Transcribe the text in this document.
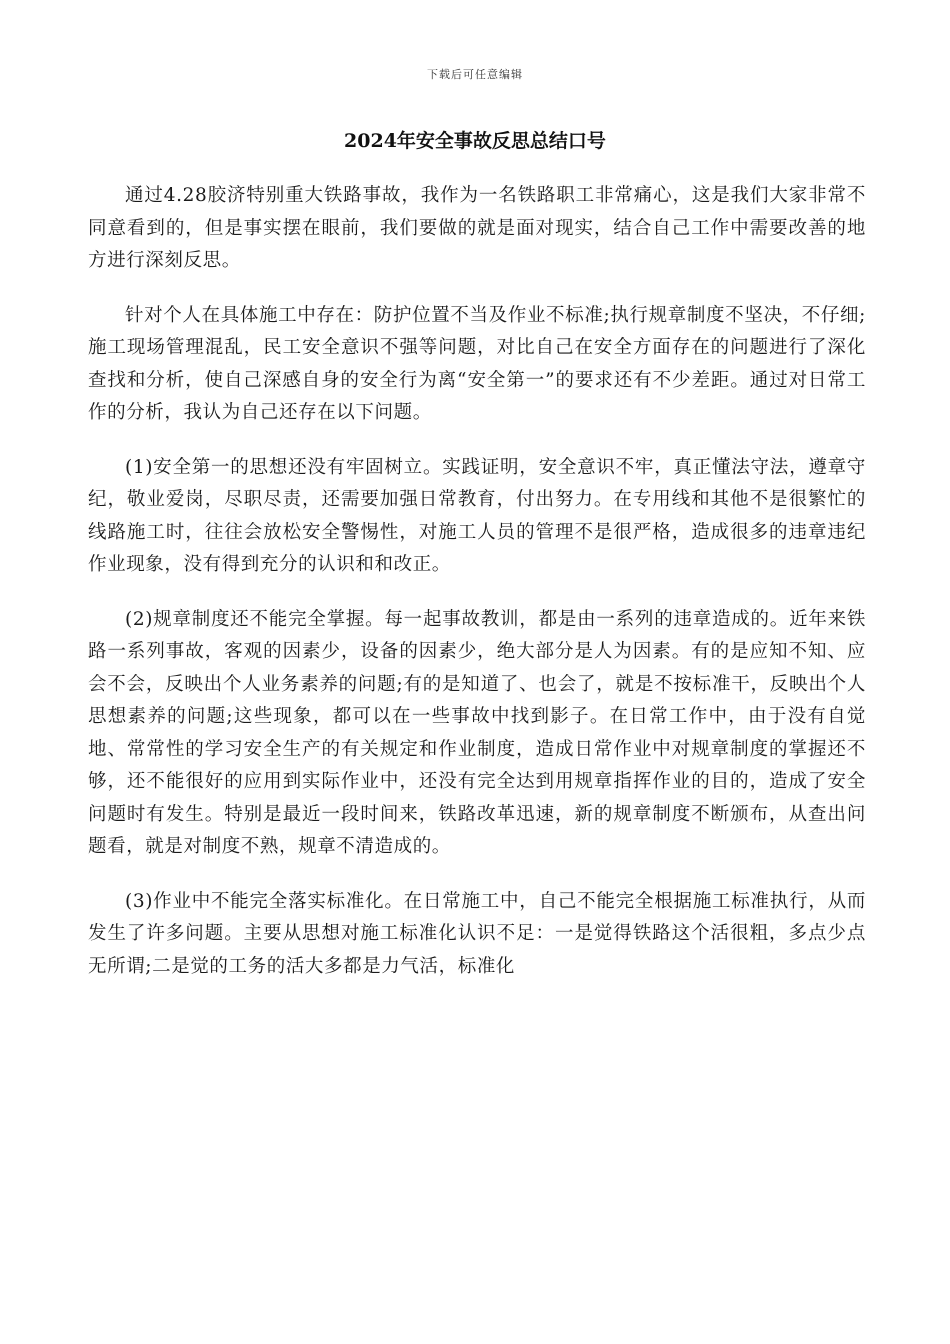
下载后可任意编辑
2024年安全事故反思总结口号

通过4.28胶济特别重大铁路事故，我作为一名铁路职工非常痛心，这是我们大家非常不同意看到的，但是事实摆在眼前，我们要做的就是面对现实，结合自己工作中需要改善的地方进行深刻反思。

针对个人在具体施工中存在：防护位置不当及作业不标准;执行规章制度不坚决，不仔细;施工现场管理混乱，民工安全意识不强等问题，对比自己在安全方面存在的问题进行了深化查找和分析，使自己深感自身的安全行为离“安全第一”的要求还有不少差距。通过对日常工作的分析，我认为自己还存在以下问题。

(1)安全第一的思想还没有牢固树立。实践证明，安全意识不牢，真正懂法守法，遵章守纪，敬业爱岗，尽职尽责，还需要加强日常教育，付出努力。在专用线和其他不是很繁忙的线路施工时，往往会放松安全警惕性，对施工人员的管理不是很严格，造成很多的违章违纪作业现象，没有得到充分的认识和和改正。

(2)规章制度还不能完全掌握。每一起事故教训，都是由一系列的违章造成的。近年来铁路一系列事故，客观的因素少，设备的因素少，绝大部分是人为因素。有的是应知不知、应会不会，反映出个人业务素养的问题;有的是知道了、也会了，就是不按标准干，反映出个人思想素养的问题;这些现象，都可以在一些事故中找到影子。在日常工作中，由于没有自觉地、常常性的学习安全生产的有关规定和作业制度，造成日常作业中对规章制度的掌握还不够，还不能很好的应用到实际作业中，还没有完全达到用规章指挥作业的目的，造成了安全问题时有发生。特别是最近一段时间来，铁路改革迅速，新的规章制度不断颁布，从查出问题看，就是对制度不熟，规章不清造成的。

(3)作业中不能完全落实标准化。在日常施工中，自己不能完全根据施工标准执行，从而发生了许多问题。主要从思想对施工标准化认识不足：一是觉得铁路这个活很粗，多点少点无所谓;二是觉的工务的活大多都是力气活，标准化
